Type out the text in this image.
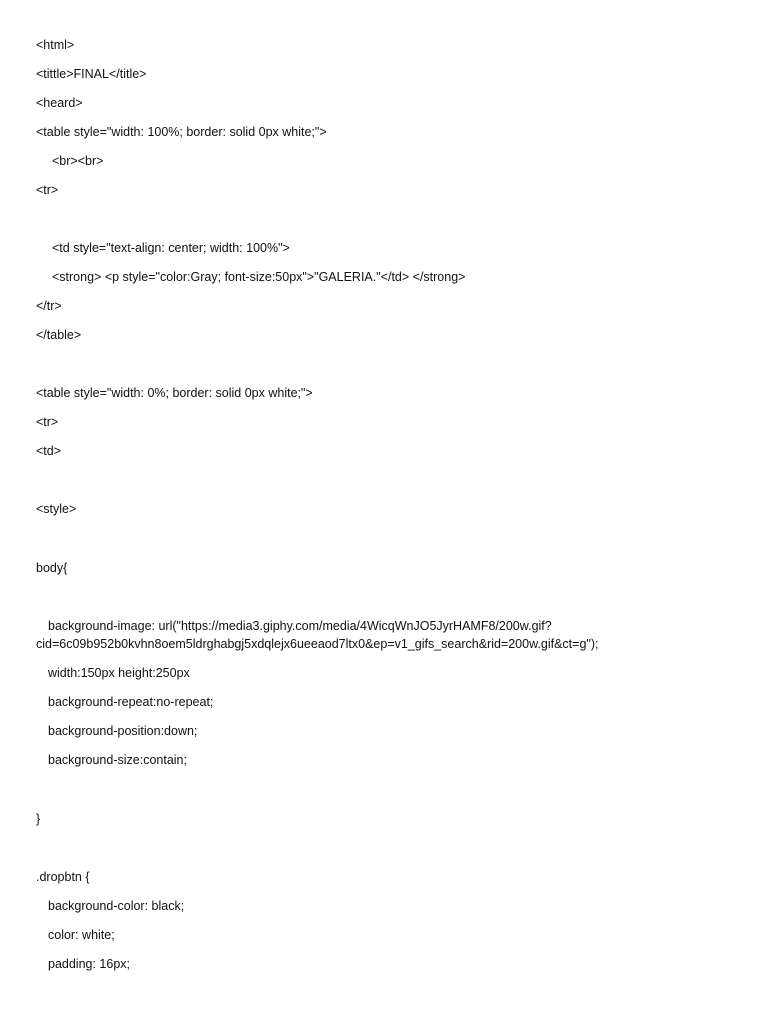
<html>
<tittle>FINAL</title>
<heard>
<table style="width: 100%; border: solid 0px white;">
<br><br>
<tr>
<td style="text-align: center; width: 100%">
<strong> <p style="color:Gray; font-size:50px">"GALERIA."</td> </strong>
</tr>
</table>
<table style="width: 0%; border: solid 0px white;">
<tr>
<td>
<style>
body{
background-image: url("https://media3.giphy.com/media/4WicqWnJO5JyrHAMF8/200w.gif?
cid=6c09b952b0kvhn8oem5ldrghabgj5xdqlejx6ueeaod7ltx0&ep=v1_gifs_search&rid=200w.gif&ct=g");
width:150px height:250px
background-repeat:no-repeat;
background-position:down;
background-size:contain;
}
.dropbtn {
background-color: black;
color: white;
padding: 16px;
